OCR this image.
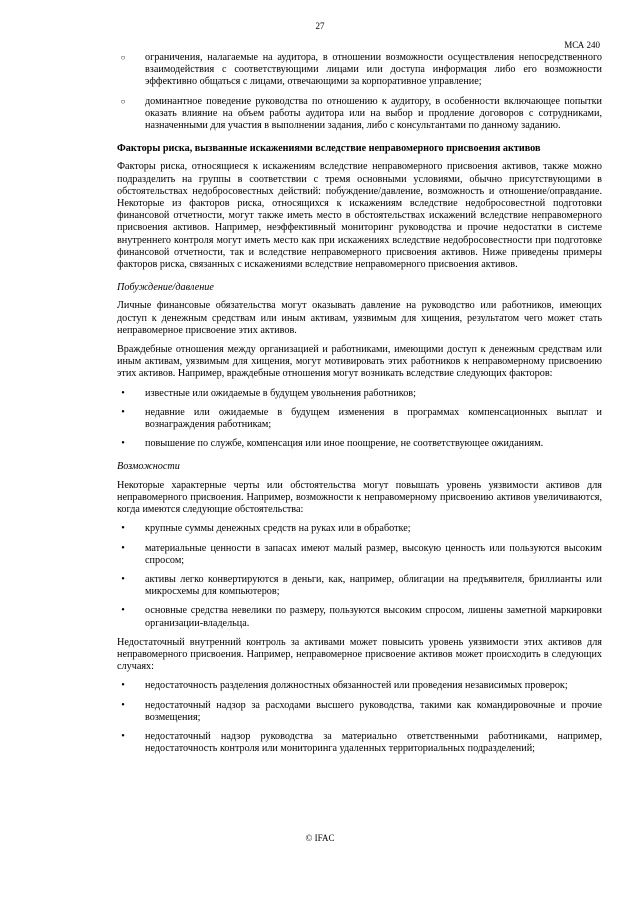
27
МСА 240
○	ограничения, налагаемые на аудитора, в отношении возможности осуществления непосредственного взаимодействия с соответствующими лицами или доступа информация либо его возможности эффективно общаться с лицами, отвечающими за корпоративное управление;
○	доминантное поведение руководства по отношению к аудитору, в особенности включающее попытки оказать влияние на объем работы аудитора или на выбор и продление договоров с сотрудниками, назначенными для участия в выполнении задания, либо с консультантами по данному заданию.

Факторы риска, вызванные искажениями вследствие неправомерного присвоения активов

Факторы риска, относящиеся к искажениям вследствие неправомерного присвоения активов, также можно подразделить на группы в соответствии с тремя основными условиями, обычно присутствующими в обстоятельствах недобросовестных действий: побуждение/давление, возможность и отношение/оправдание. Некоторые из факторов риска, относящихся к искажениям вследствие недобросовестной подготовки финансовой отчетности, могут также иметь место в обстоятельствах искажений вследствие неправомерного присвоения активов. Например, неэффективный мониторинг руководства и прочие недостатки в системе внутреннего контроля могут иметь место как при искажениях вследствие недобросовестности при подготовке финансовой отчетности, так и вследствие неправомерного присвоения активов. Ниже приведены примеры факторов риска, связанных с искажениями вследствие неправомерного присвоения активов.

Побуждение/давление

Личные финансовые обязательства могут оказывать давление на руководство или работников, имеющих доступ к денежным средствам или иным активам, уязвимым для хищения, результатом чего может стать неправомерное присвоение этих активов.

Враждебные отношения между организацией и работниками, имеющими доступ к денежным средствам или иным активам, уязвимым для хищения, могут мотивировать этих работников к неправомерному присвоению этих активов. Например, враждебные отношения могут возникать вследствие следующих факторов:

•	известные или ожидаемые в будущем увольнения работников;
•	недавние или ожидаемые в будущем изменения в программах компенсационных выплат и вознаграждения работникам;
•	повышение по службе, компенсация или иное поощрение, не соответствующее ожиданиям.

Возможности

Некоторые характерные черты или обстоятельства могут повышать уровень уязвимости активов для неправомерного присвоения. Например, возможности к неправомерному присвоению активов увеличиваются, когда имеются следующие обстоятельства:

•	крупные суммы денежных средств на руках или в обработке;
•	материальные ценности в запасах имеют малый размер, высокую ценность или пользуются высоким спросом;
•	активы легко конвертируются в деньги, как, например, облигации на предъявителя, бриллианты или микросхемы для компьютеров;
•	основные средства невелики по размеру, пользуются высоким спросом, лишены заметной маркировки организации-владельца.

Недостаточный внутренний контроль за активами может повысить уровень уязвимости этих активов для неправомерного присвоения. Например, неправомерное присвоение активов может происходить в следующих случаях:

•	недостаточность разделения должностных обязанностей или проведения независимых проверок;
•	недостаточный надзор за расходами высшего руководства, такими как командировочные и прочие возмещения;
•	недостаточный надзор руководства за материально ответственными работниками, например, недостаточность контроля или мониторинга удаленных территориальных подразделений;
© IFAC
